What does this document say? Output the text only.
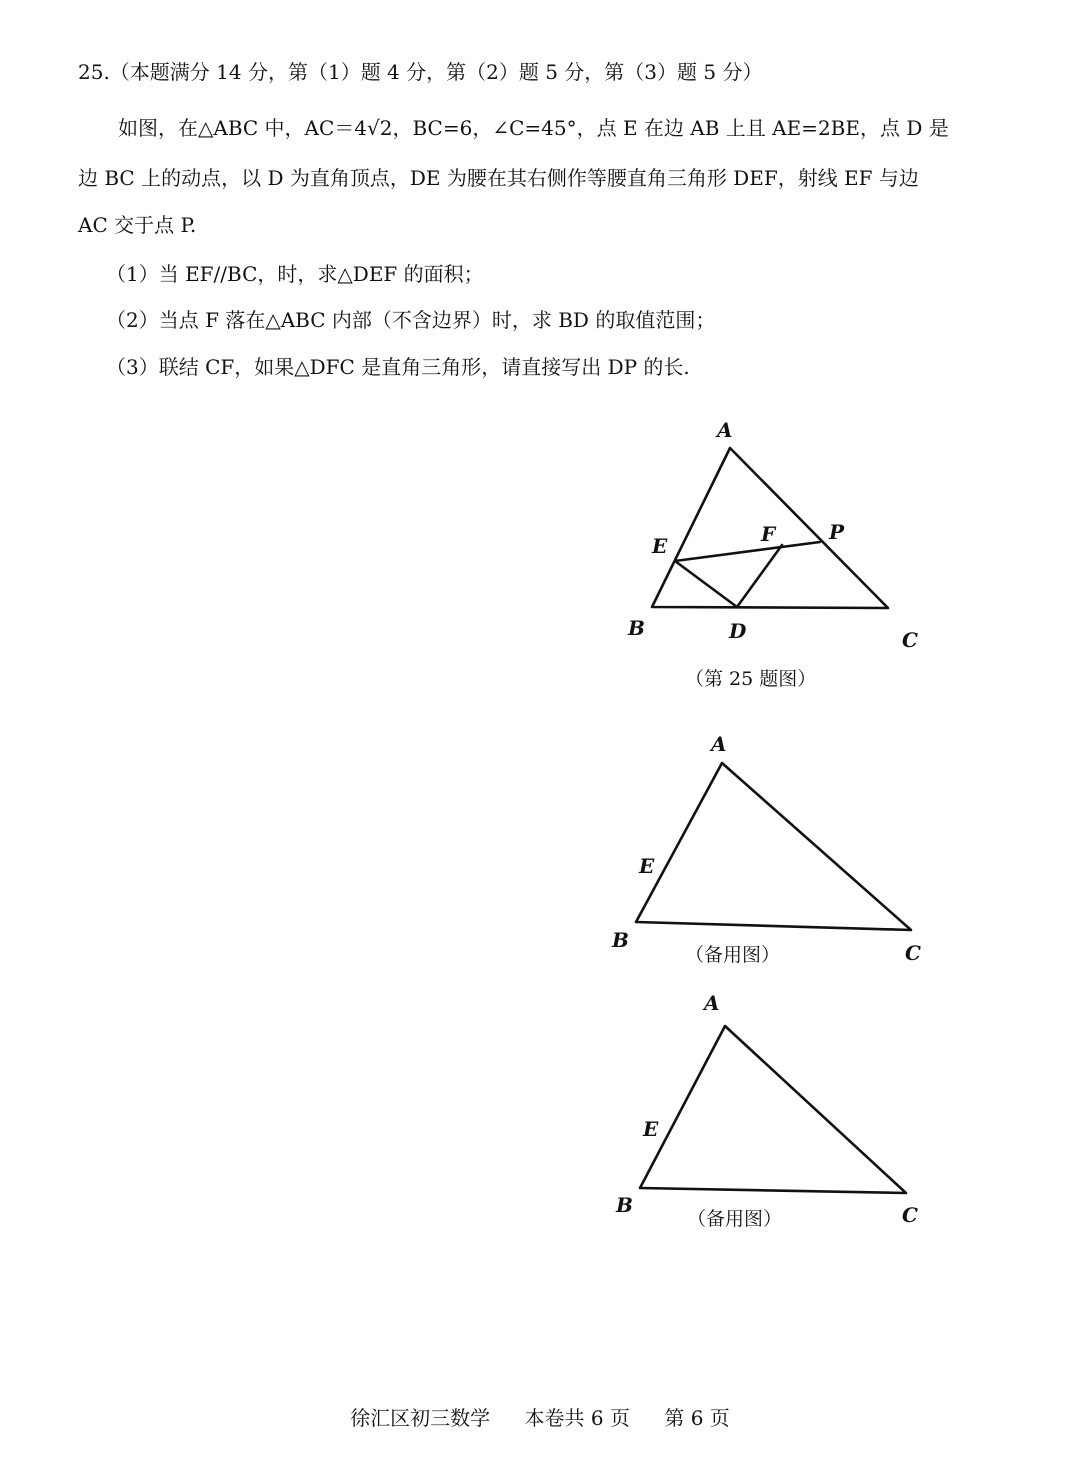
25.（本题满分 14 分，第（1）题 4 分，第（2）题 5 分，第（3）题 5 分）
如图，在△ABC 中，AC＝4√2，BC=6，∠C=45°，点 E 在边 AB 上且 AE=2BE，点 D 是
边 BC 上的动点，以 D 为直角顶点，DE 为腰在其右侧作等腰直角三角形 DEF，射线 EF 与边
AC 交于点 P.
（1）当 EF//BC，时，求△DEF 的面积；
（2）当点 F 落在△ABC 内部（不含边界）时，求 BD 的取值范围；
（3）联结 CF，如果△DFC 是直角三角形，请直接写出 DP 的长.
A
E	F	P
B	D	C
（第 25 题图）
A
E
B
C
（备用图）
A
E
B	C
（备用图）
徐汇区初三数学 本卷共 6 页 第 6 页
